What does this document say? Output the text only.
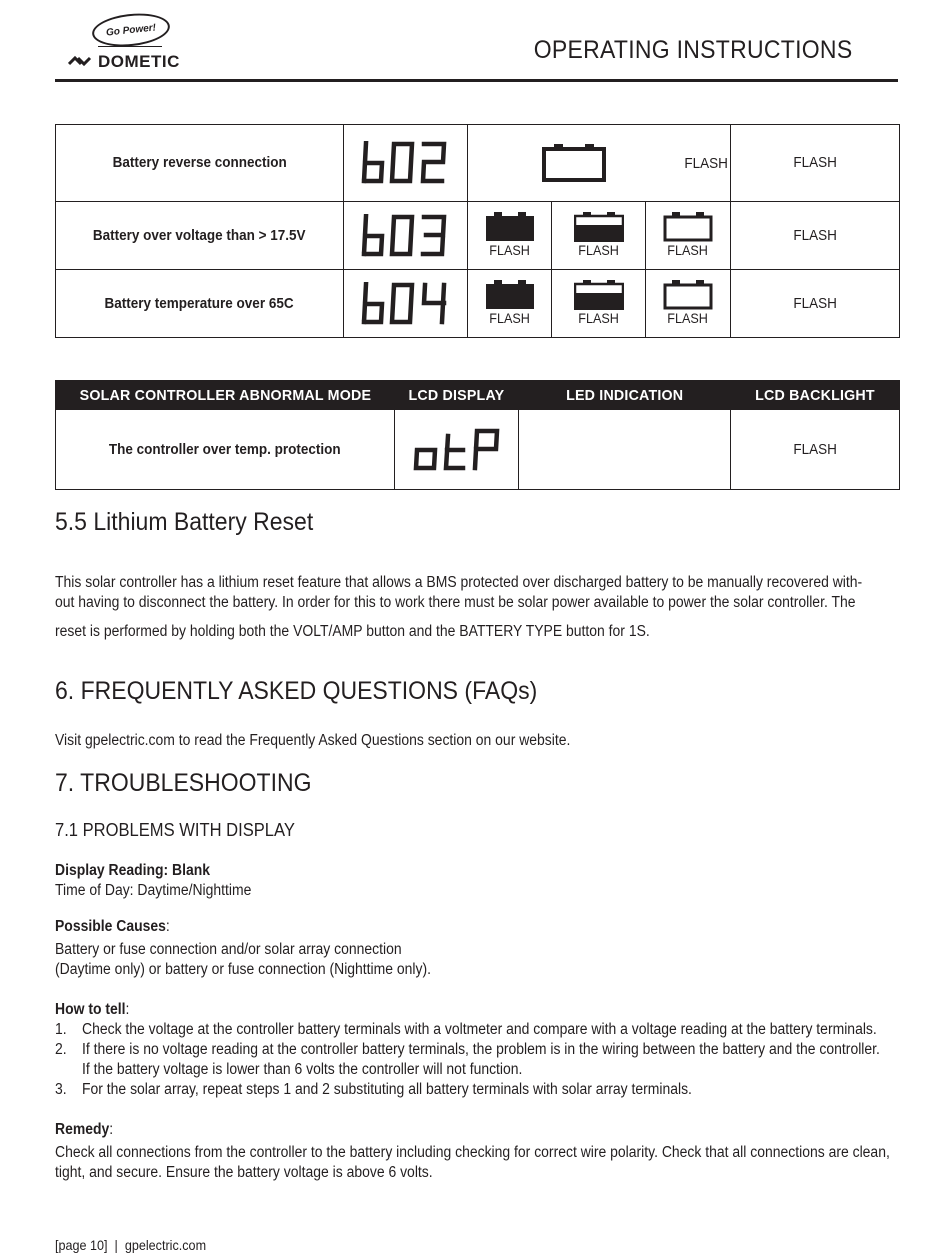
Go Power!
DOMETIC	OPERATING INSTRUCTIONS
Battery reverse connection		FLASH			FLASH
Battery over voltage than > 17.5V		FLASH	FLASH	FLASH	FLASH
Battery temperature over 65C		FLASH	FLASH	FLASH	FLASH
SOLAR CONTROLLER ABNORMAL MODE	LCD DISPLAY	LED INDICATION	LCD BACKLIGHT
The controller over temp. protection			FLASH
5.5 Lithium Battery Reset
This solar controller has a lithium reset feature that allows a BMS protected over discharged battery to be manually recovered with-
out having to disconnect the battery. In order for this to work there must be solar power available to power the solar controller. The
reset is performed by holding both the VOLT/AMP button and the BATTERY TYPE button for 1S.
6. FREQUENTLY ASKED QUESTIONS (FAQs)
Visit gpelectric.com to read the Frequently Asked Questions section on our website.
7. TROUBLESHOOTING
7.1 PROBLEMS WITH DISPLAY
Display Reading: Blank
Time of Day: Daytime/Nighttime
Possible Causes:
Battery or fuse connection and/or solar array connection
(Daytime only) or battery or fuse connection (Nighttime only).
How to tell:
1. Check the voltage at the controller battery terminals with a voltmeter and compare with a voltage reading at the battery terminals.
2. If there is no voltage reading at the controller battery terminals, the problem is in the wiring between the battery and the controller.
If the battery voltage is lower than 6 volts the controller will not function.
3. For the solar array, repeat steps 1 and 2 substituting all battery terminals with solar array terminals.
Remedy:
Check all connections from the controller to the battery including checking for correct wire polarity. Check that all connections are clean,
tight, and secure. Ensure the battery voltage is above 6 volts.
[page 10] | gpelectric.com
